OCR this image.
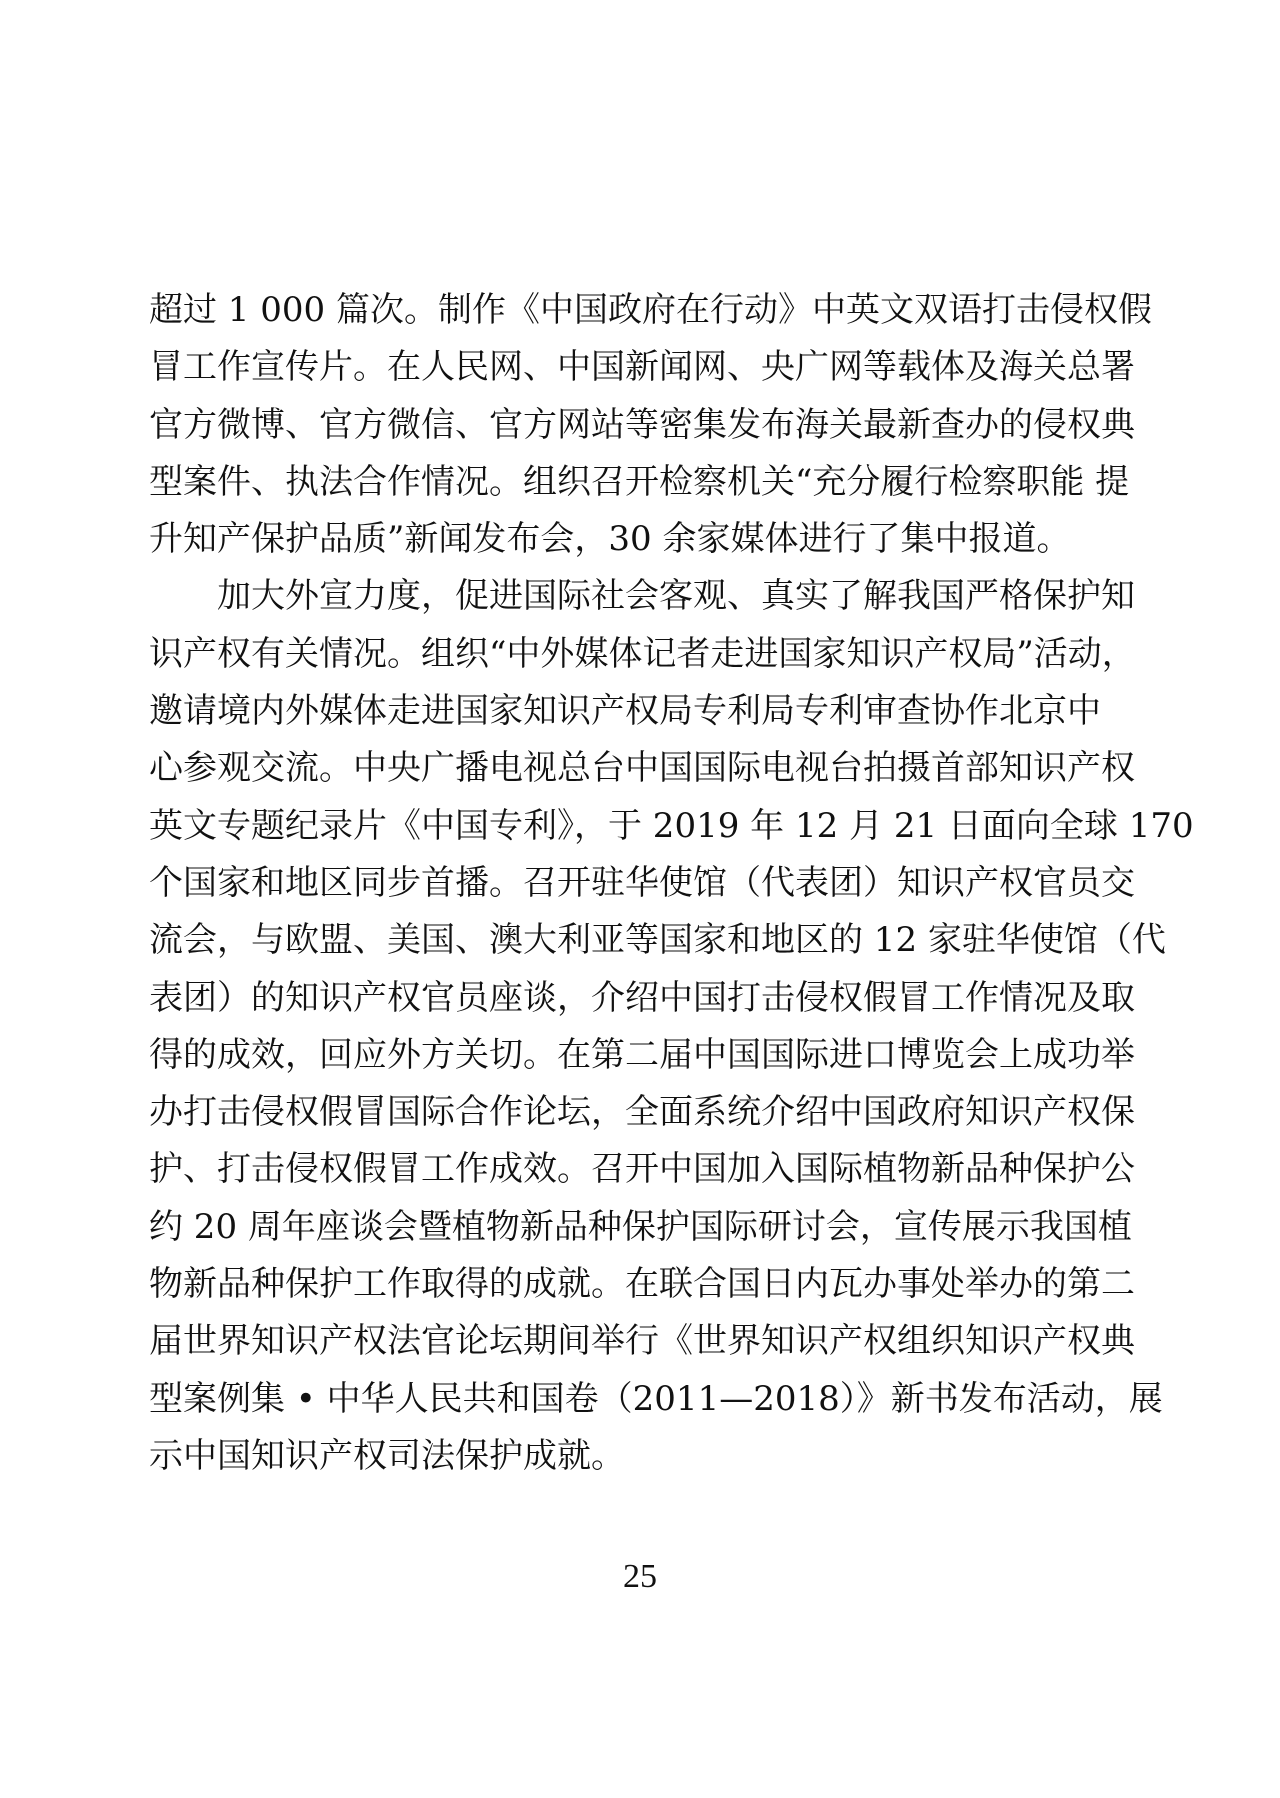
超过 1 000 篇次。制作《中国政府在行动》中英文双语打击侵权假
冒工作宣传片。在人民网、中国新闻网、央广网等载体及海关总署
官方微博、官方微信、官方网站等密集发布海关最新查办的侵权典
型案件、执法合作情况。组织召开检察机关“充分履行检察职能 提
升知产保护品质”新闻发布会，30 余家媒体进行了集中报道。
　　加大外宣力度，促进国际社会客观、真实了解我国严格保护知
识产权有关情况。组织“中外媒体记者走进国家知识产权局”活动，
邀请境内外媒体走进国家知识产权局专利局专利审查协作北京中
心参观交流。中央广播电视总台中国国际电视台拍摄首部知识产权
英文专题纪录片《中国专利》，于 2019 年 12 月 21 日面向全球 170
个国家和地区同步首播。召开驻华使馆（代表团）知识产权官员交
流会，与欧盟、美国、澳大利亚等国家和地区的 12 家驻华使馆（代
表团）的知识产权官员座谈，介绍中国打击侵权假冒工作情况及取
得的成效，回应外方关切。在第二届中国国际进口博览会上成功举
办打击侵权假冒国际合作论坛，全面系统介绍中国政府知识产权保
护、打击侵权假冒工作成效。召开中国加入国际植物新品种保护公
约 20 周年座谈会暨植物新品种保护国际研讨会，宣传展示我国植
物新品种保护工作取得的成就。在联合国日内瓦办事处举办的第二
届世界知识产权法官论坛期间举行《世界知识产权组织知识产权典
型案例集 • 中华人民共和国卷（2011—2018）》新书发布活动，展
示中国知识产权司法保护成就。
25
